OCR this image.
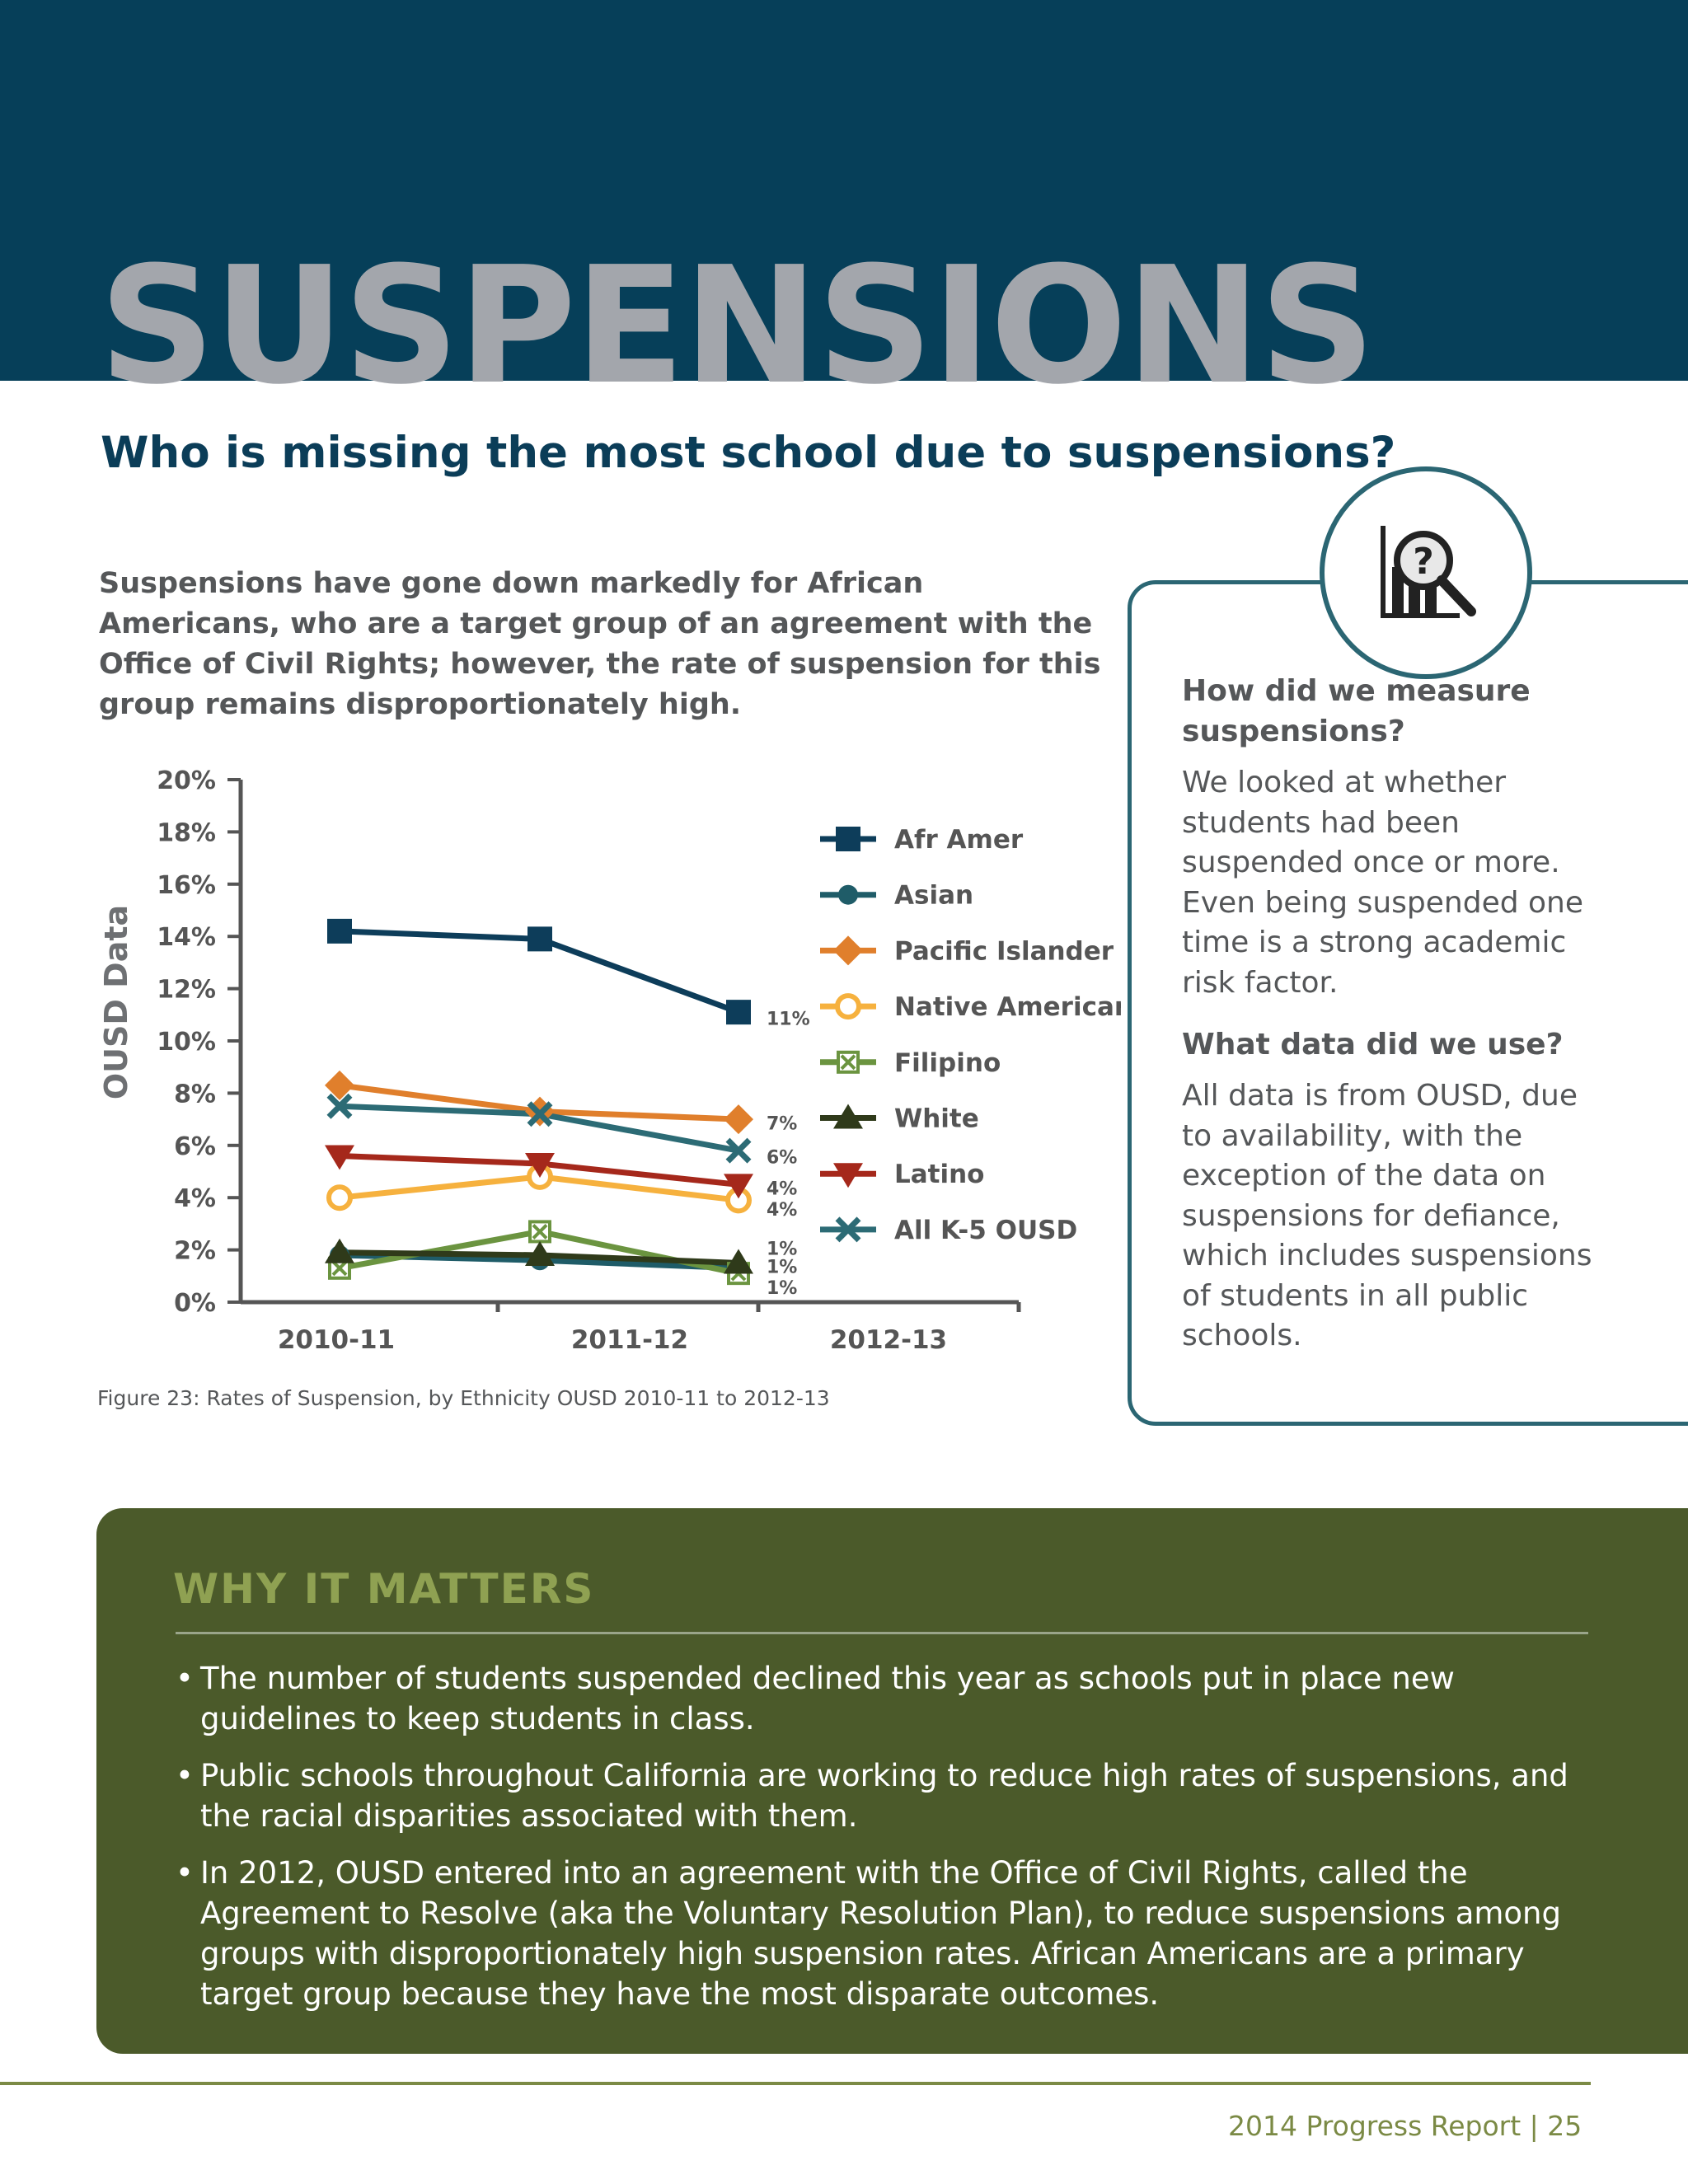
SUSPENSIONS
Who is missing the most school due to suspensions?

Suspensions have gone down markedly for African Americans, who are a target group of an agreement with the Office of Civil Rights; however, the rate of suspension for this group remains disproportionately high.

?
How did we measure suspensions?

We looked at whether students had been suspended once or more. Even being suspended one time is a strong academic risk factor.

What data did we use?

All data is from OUSD, due to availability, with the exception of the data on suspensions for defiance, which includes suspensions of students in all public schools.

0%
2%
4%
6%
8%
10%
12%
14%
16%
18%
20%
OUSD Data
2010-11	2011-12	2012-13
11%
7%
6%
4%
4%
1%
1%
1%
Afr Amer
Asian
Pacific Islander
Native American
Filipino
White
Latino
All K-5 OUSD

Figure 23: Rates of Suspension, by Ethnicity OUSD 2010-11 to 2012-13

WHY IT MATTERS
• The number of students suspended declined this year as schools put in place new guidelines to keep students in class.
• Public schools throughout California are working to reduce high rates of suspensions, and the racial disparities associated with them.
• In 2012, OUSD entered into an agreement with the Office of Civil Rights, called the Agreement to Resolve (aka the Voluntary Resolution Plan), to reduce suspensions among groups with disproportionately high suspension rates. African Americans are a primary target group because they have the most disparate outcomes.

2014 Progress Report | 25
